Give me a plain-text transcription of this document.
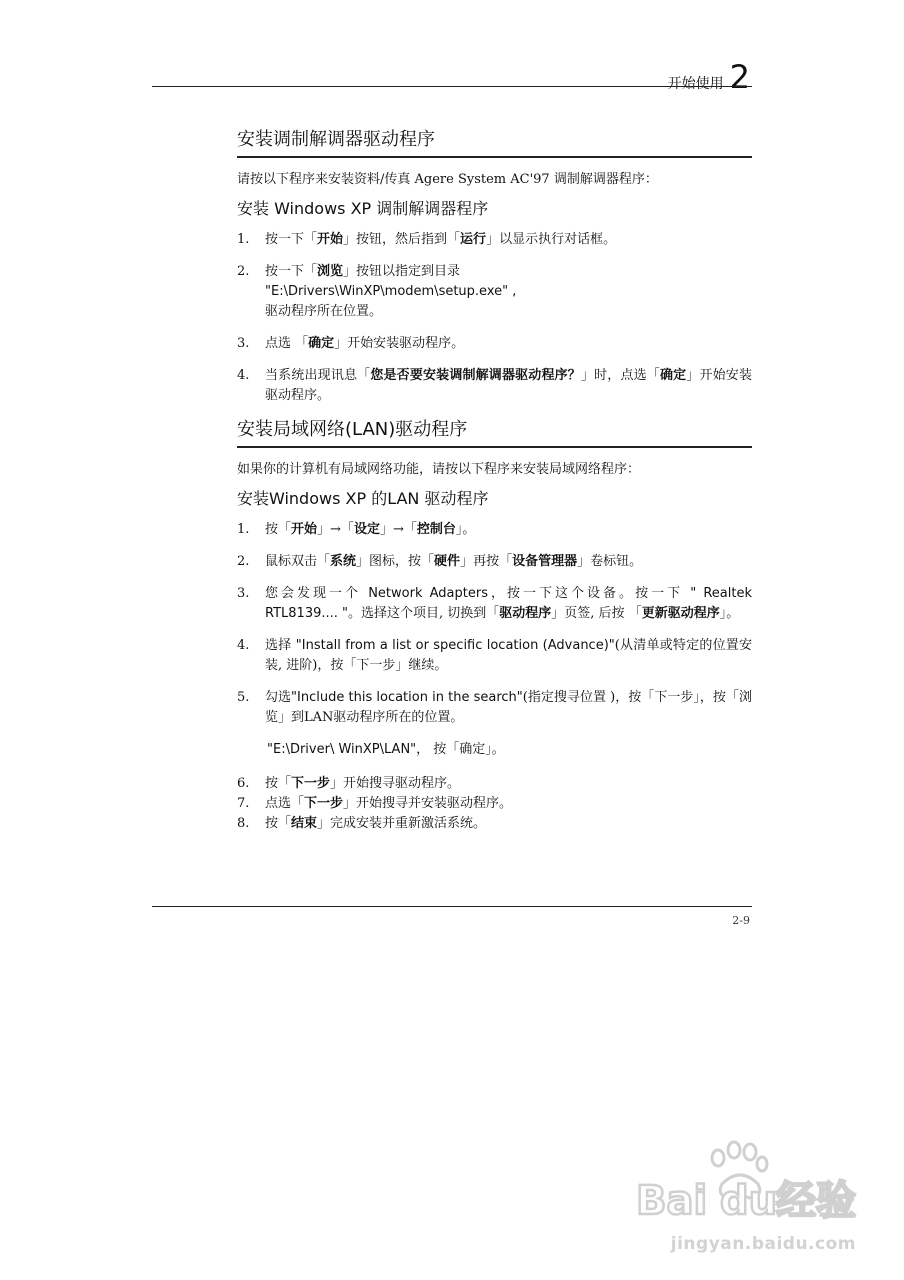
开始使用 2
安装调制解调器驱动程序

请按以下程序来安装资料/传真 Agere System AC'97 调制解调器程序：

安装 Windows XP 调制解调器程序
1. 按一下「开始」按钮，然后指到「运行」以显示执行对话框。
2. 按一下「浏览」按钮以指定到目录
"E:\Drivers\WinXP\modem\setup.exe" ,
驱动程序所在位置。
3. 点选 「确定」开始安装驱动程序。
4. 当系统出现讯息「您是否要安装调制解调器驱动程序？」时，点选「确定」开始安装驱动程序。
安装局域网络(LAN)驱动程序

如果你的计算机有局域网络功能，请按以下程序来安装局域网络程序：

安装Windows XP 的LAN 驱动程序
1. 按「开始」→「设定」→「控制台」。
2. 鼠标双击「系统」图标，按「硬件」再按「设备管理器」卷标钮。
3. 您会发现一个 Network Adapters，按一下这个设备。按一下 " Realtek RTL8139.... "。选择这个项目, 切换到「驱动程序」页签, 后按 「更新驱动程序」。
4. 选择 "Install from a list or specific location (Advance)"(从清单或特定的位置安装, 进阶)，按「下一步」继续。
5. 勾选"Include this location in the search"(指定搜寻位置 )，按「下一步」，按「浏览」到LAN驱动程序所在的位置。

"E:\Driver\ WinXP\LAN"， 按「确定」。

6. 按「下一步」开始搜寻驱动程序。
7. 点选「下一步」开始搜寻并安装驱动程序。
8. 按「结束」完成安装并重新激活系统。
2-9
Bai du
经验
jingyan.baidu.com
